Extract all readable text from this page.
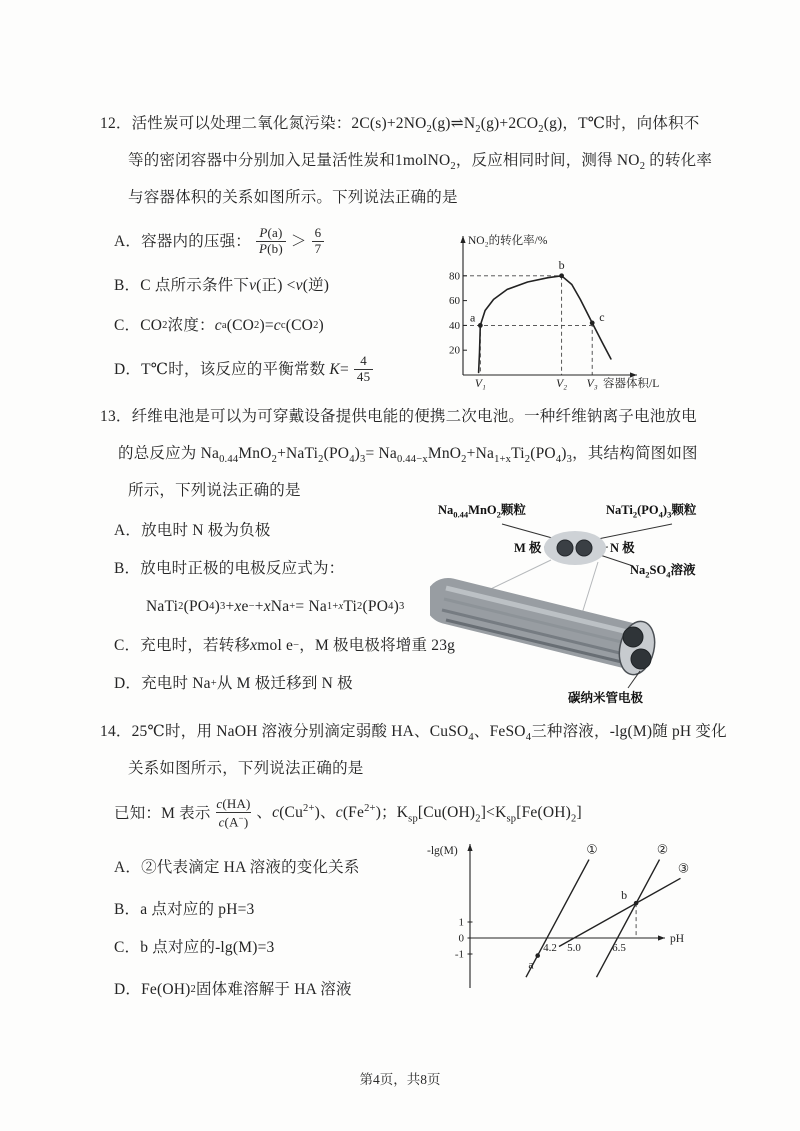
12．活性炭可以处理二氧化氮污染：$2C(s)+2NO_2(g)\rightleftharpoons N_2(g)+2CO_2(g)$，T℃时，向体积不
等的密闭容器中分别加入足量活性炭和1molNO$_2$，反应相同时间，测得 $NO_2$ 的转化率
与容器体积的关系如图所示。下列说法正确的是
A．容器内的压强： $\frac{P(a)}{P(b)} > \frac{6}{7}$
B．C 点所示条件下 v (正) < v (逆)
C．CO 2 浓度： c a (CO 2 )= c c (CO 2 )
D．T℃时，该反应的平衡常数 $K= \frac{4}{45}$
NO₂的转化率/%
20
40
60
80
V₁	V₂ V₃ 容器体积/L
a
b
c
13．纤维电池是可以为可穿戴设备提供电能的便携二次电池。一种纤维钠离子电池放电
的总反应为 $Na_{0.44}MnO_2+NaTi_2(PO_4)_3= Na_{0.44-x}MnO_2+Na_{1+x}Ti_2(PO_4)_3$，其结构简图如图
所示，下列说法正确的是
A．放电时 N 极为负极
B．放电时正极的电极反应式为：
NaTi 2 (PO 4 ) 3 + x e − + x Na + = Na 1+x Ti 2 (PO 4 ) 3
C．充电时，若转移 x mol e − ，M 极电极将增重 23g
D．充电时 Na + 从 M 极迁移到 N 极
$Na_{0.44}MnO_2$颗粒	$NaTi_2(PO_4)_3$颗粒
M 极	N 极
$Na_2SO_4$溶液
碳纳米管电极
14．25℃时，用 NaOH 溶液分别滴定弱酸 HA、CuSO$_4$、FeSO$_4$三种溶液，-lg(M)随 pH 变化
关系如图所示，下列说法正确的是
已知：M 表示 $\frac{c(HA)}{c(A^-)}$ 、$c(Cu^{2+})$、$c(Fe^{2+})$；$K_{sp}[Cu(OH)_2]<K_{sp}[Fe(OH)_2]$
A．②代表滴定 HA 溶液的变化关系
B．a 点对应的 pH=3
C．b 点对应的-lg(M)=3
D．Fe(OH) 2 固体难溶解于 HA 溶液
-lg(M)
1
0
-1
4.2 5.0	6.5
pH
①	②
③
a
b
第4页，共8页
